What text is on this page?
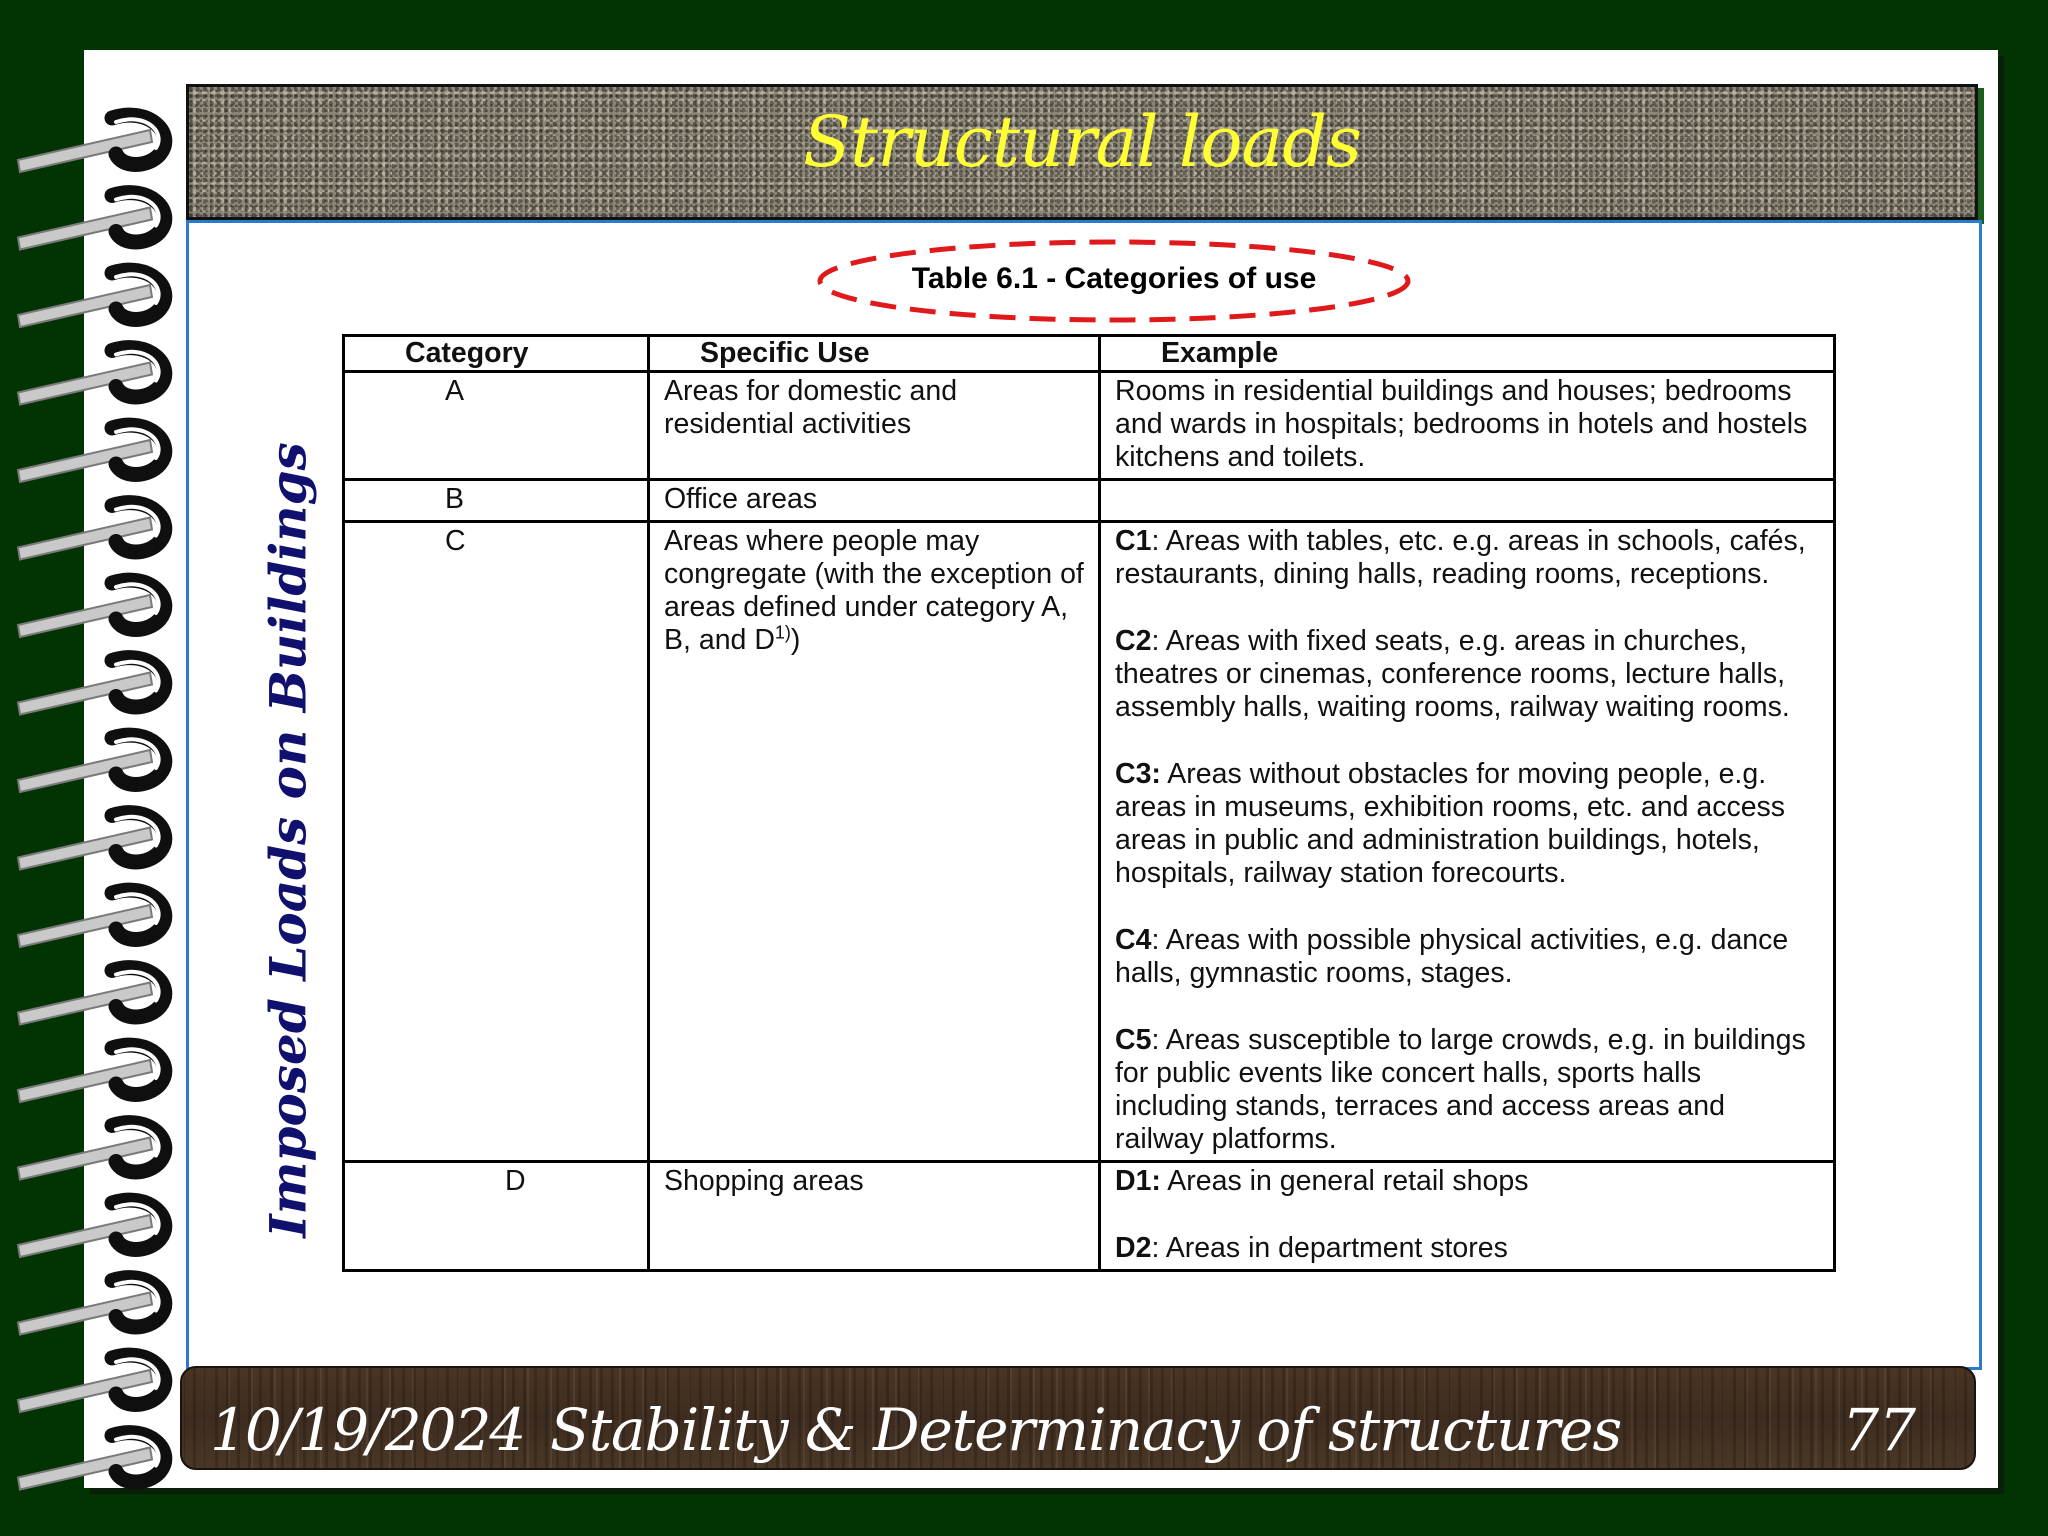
Structural loads
Imposed Loads on Buildings
Table 6.1 - Categories of use
Category	Specific Use	Example
A	Areas for domestic and residential activities	Rooms in residential buildings and houses; bedrooms and wards in hospitals; bedrooms in hotels and hostels kitchens and toilets.

B	Office areas	
C	Areas where people may congregate (with the exception of areas defined under category A, B, and $D^{1)}$)	C1: Areas with tables, etc. e.g. areas in schools, cafés, restaurants, dining halls, reading rooms, receptions.
C2: Areas with fixed seats, e.g. areas in churches, theatres or cinemas, conference rooms, lecture halls, assembly halls, waiting rooms, railway waiting rooms.
C3: Areas without obstacles for moving people, e.g. areas in museums, exhibition rooms, etc. and access areas in public and administration buildings, hotels, hospitals, railway station forecourts.
C4: Areas with possible physical activities, e.g. dance halls, gymnastic rooms, stages.
C5: Areas susceptible to large crowds, e.g. in buildings for public events like concert halls, sports halls including stands, terraces and access areas and railway platforms.

D	Shopping areas	D1: Areas in general retail shops
D2: Areas in department stores
10/19/2024 Stability & Determinacy of structures	77
